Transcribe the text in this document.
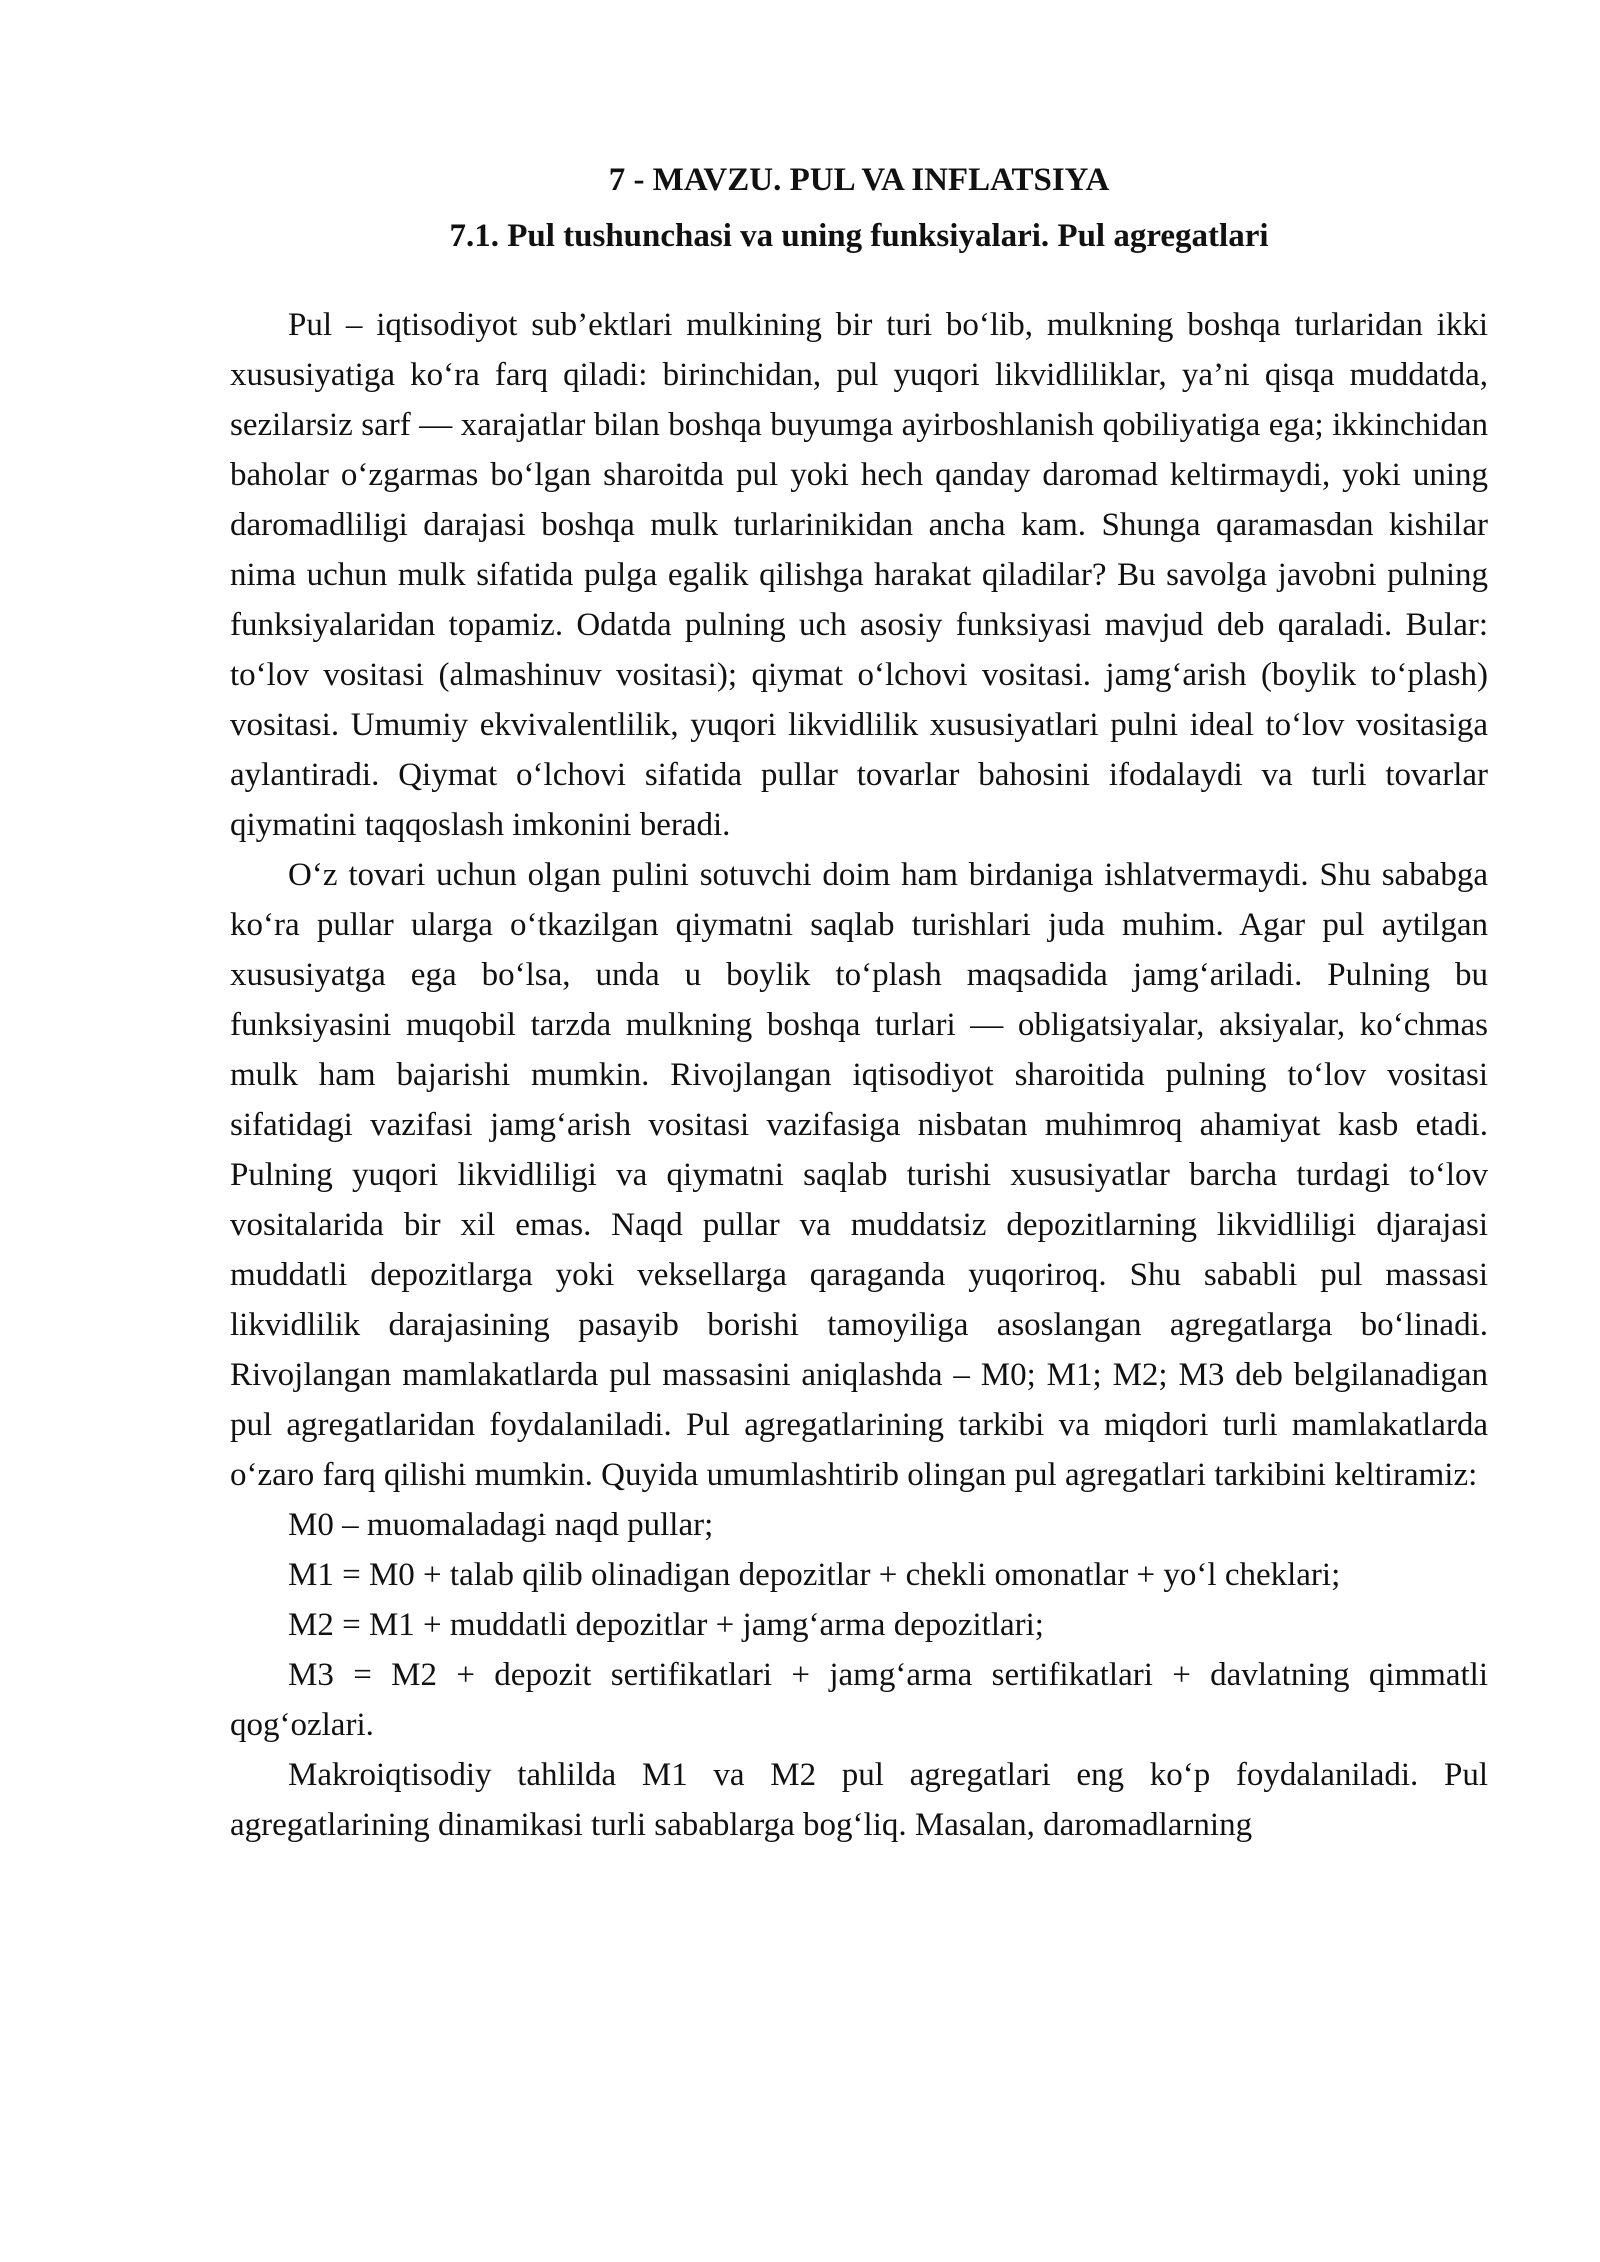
7 - MAVZU. PUL VA INFLATSIYA
7.1. Pul tushunchasi va uning funksiyalari. Pul agregatlari

Pul – iqtisodiyot sub’ektlari mulkining bir turi bo‘lib, mulkning boshqa turlaridan ikki xususiyatiga ko‘ra farq qiladi: birinchidan, pul yuqori likvidliliklar, ya’ni qisqa muddatda, sezilarsiz sarf — xarajatlar bilan boshqa buyumga ayirboshlanish qobiliyatiga ega; ikkinchidan baholar o‘zgarmas bo‘lgan sharoitda pul yoki hech qanday daromad keltirmaydi, yoki uning daromadliligi darajasi boshqa mulk turlarinikidan ancha kam. Shunga qaramasdan kishilar nima uchun mulk sifatida pulga egalik qilishga harakat qiladilar? Bu savolga javobni pulning funksiyalaridan topamiz. Odatda pulning uch asosiy funksiyasi mavjud deb qaraladi. Bular: to‘lov vositasi (almashinuv vositasi); qiymat o‘lchovi vositasi. jamg‘arish (boylik to‘plash) vositasi. Umumiy ekvivalentlilik, yuqori likvidlilik xususiyatlari pulni ideal to‘lov vositasiga aylantiradi. Qiymat o‘lchovi sifatida pullar tovarlar bahosini ifodalaydi va turli tovarlar qiymatini taqqoslash imkonini beradi.

O‘z tovari uchun olgan pulini sotuvchi doim ham birdaniga ishlatvermaydi. Shu sababga ko‘ra pullar ularga o‘tkazilgan qiymatni saqlab turishlari juda muhim. Agar pul aytilgan xususiyatga ega bo‘lsa, unda u boylik to‘plash maqsadida jamg‘ariladi. Pulning bu funksiyasini muqobil tarzda mulkning boshqa turlari — obligatsiyalar, aksiyalar, ko‘chmas mulk ham bajarishi mumkin. Rivojlangan iqtisodiyot sharoitida pulning to‘lov vositasi sifatidagi vazifasi jamg‘arish vositasi vazifasiga nisbatan muhimroq ahamiyat kasb etadi. Pulning yuqori likvidliligi va qiymatni saqlab turishi xususiyatlar barcha turdagi to‘lov vositalarida bir xil emas. Naqd pullar va muddatsiz depozitlarning likvidliligi djarajasi muddatli depozitlarga yoki veksellarga qaraganda yuqoriroq. Shu sababli pul massasi likvidlilik darajasining pasayib borishi tamoyiliga asoslangan agregatlarga bo‘linadi. Rivojlangan mamlakatlarda pul massasini aniqlashda – M0; M1; M2; M3 deb belgilanadigan pul agregatlaridan foydalaniladi. Pul agregatlarining tarkibi va miqdori turli mamlakatlarda o‘zaro farq qilishi mumkin. Quyida umumlashtirib olingan pul agregatlari tarkibini keltiramiz:

M0 – muomaladagi naqd pullar;

M1 = M0 + talab qilib olinadigan depozitlar + chekli omonatlar + yo‘l cheklari;

M2 = M1 + muddatli depozitlar + jamg‘arma depozitlari;

M3 = M2 + depozit sertifikatlari + jamg‘arma sertifikatlari + davlatning qimmatli qog‘ozlari.

Makroiqtisodiy tahlilda M1 va M2 pul agregatlari eng ko‘p foydalaniladi. Pul agregatlarining dinamikasi turli sabablarga bog‘liq. Masalan, daromadlarning
